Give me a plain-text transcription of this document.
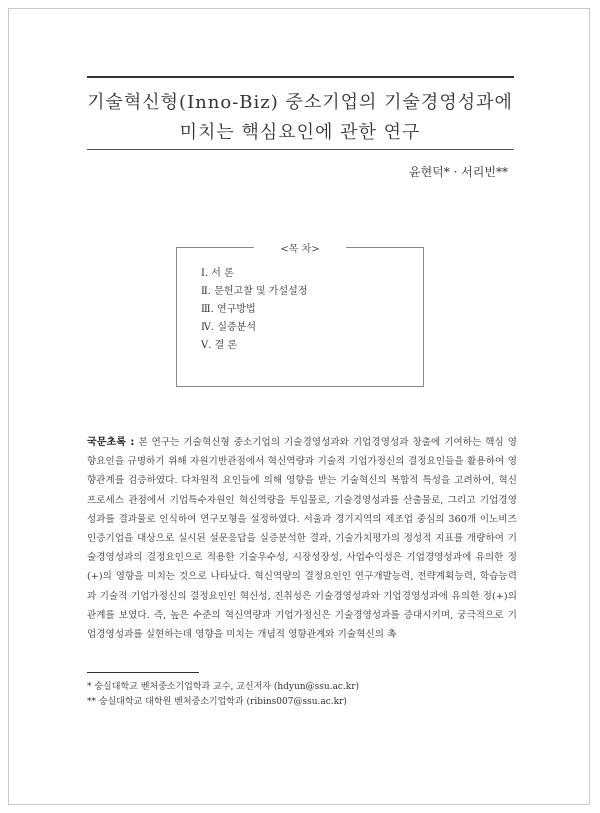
기술혁신형(Inno-Biz) 중소기업의 기술경영성과에
미치는 핵심요인에 관한 연구
윤현덕* · 서리빈**
<목 차>
Ⅰ. 서 론
Ⅱ. 문헌고찰 및 가설설정
Ⅲ. 연구방법
Ⅳ. 실증분석
Ⅴ. 결 론
국문초록 : 본 연구는 기술혁신형 중소기업의 기술경영성과와 기업경영성과 창출에 기여하는 핵심 영향요인을 규명하기 위해 자원기반관점에서 혁신역량과 기술적 기업가정신의 결정요인들을 활용하여 영향관계를 검증하였다. 다차원적 요인들에 의해 영향을 받는 기술혁신의 복합적 특성을 고려하여, 혁신프로세스 관점에서 기업특수자원인 혁신역량을 투입물로, 기술경영성과를 산출물로, 그리고 기업경영성과를 결과물로 인식하여 연구모형을 설정하였다. 서울과 경기지역의 제조업 중심의 360개 이노비즈 인증기업을 대상으로 실시된 설문응답을 실증분석한 결과, 기술가치평가의 정성적 지표를 개량하여 기술경영성과의 결정요인으로 적용한 기술우수성, 시장성장성, 사업수익성은 기업경영성과에 유의한 정(+)의 영향을 미치는 것으로 나타났다. 혁신역량의 결정요인인 연구개발능력, 전략계획능력, 학습능력과 기술적 기업가정신의 결정요인인 혁신성, 진취성은 기술경영성과와 기업경영성과에 유의한 정(+)의 관계를 보였다. 즉, 높은 수준의 혁신역량과 기업가정신은 기술경영성과를 증대시키며, 궁극적으로 기업경영성과를 실현하는데 영향을 미치는 개념적 영향관계와 기술혁신의 촉
* 숭실대학교 벤처중소기업학과 교수, 교신저자 (hdyun@ssu.ac.kr)
** 숭실대학교 대학원 벤처중소기업학과 (ribins007@ssu.ac.kr)
